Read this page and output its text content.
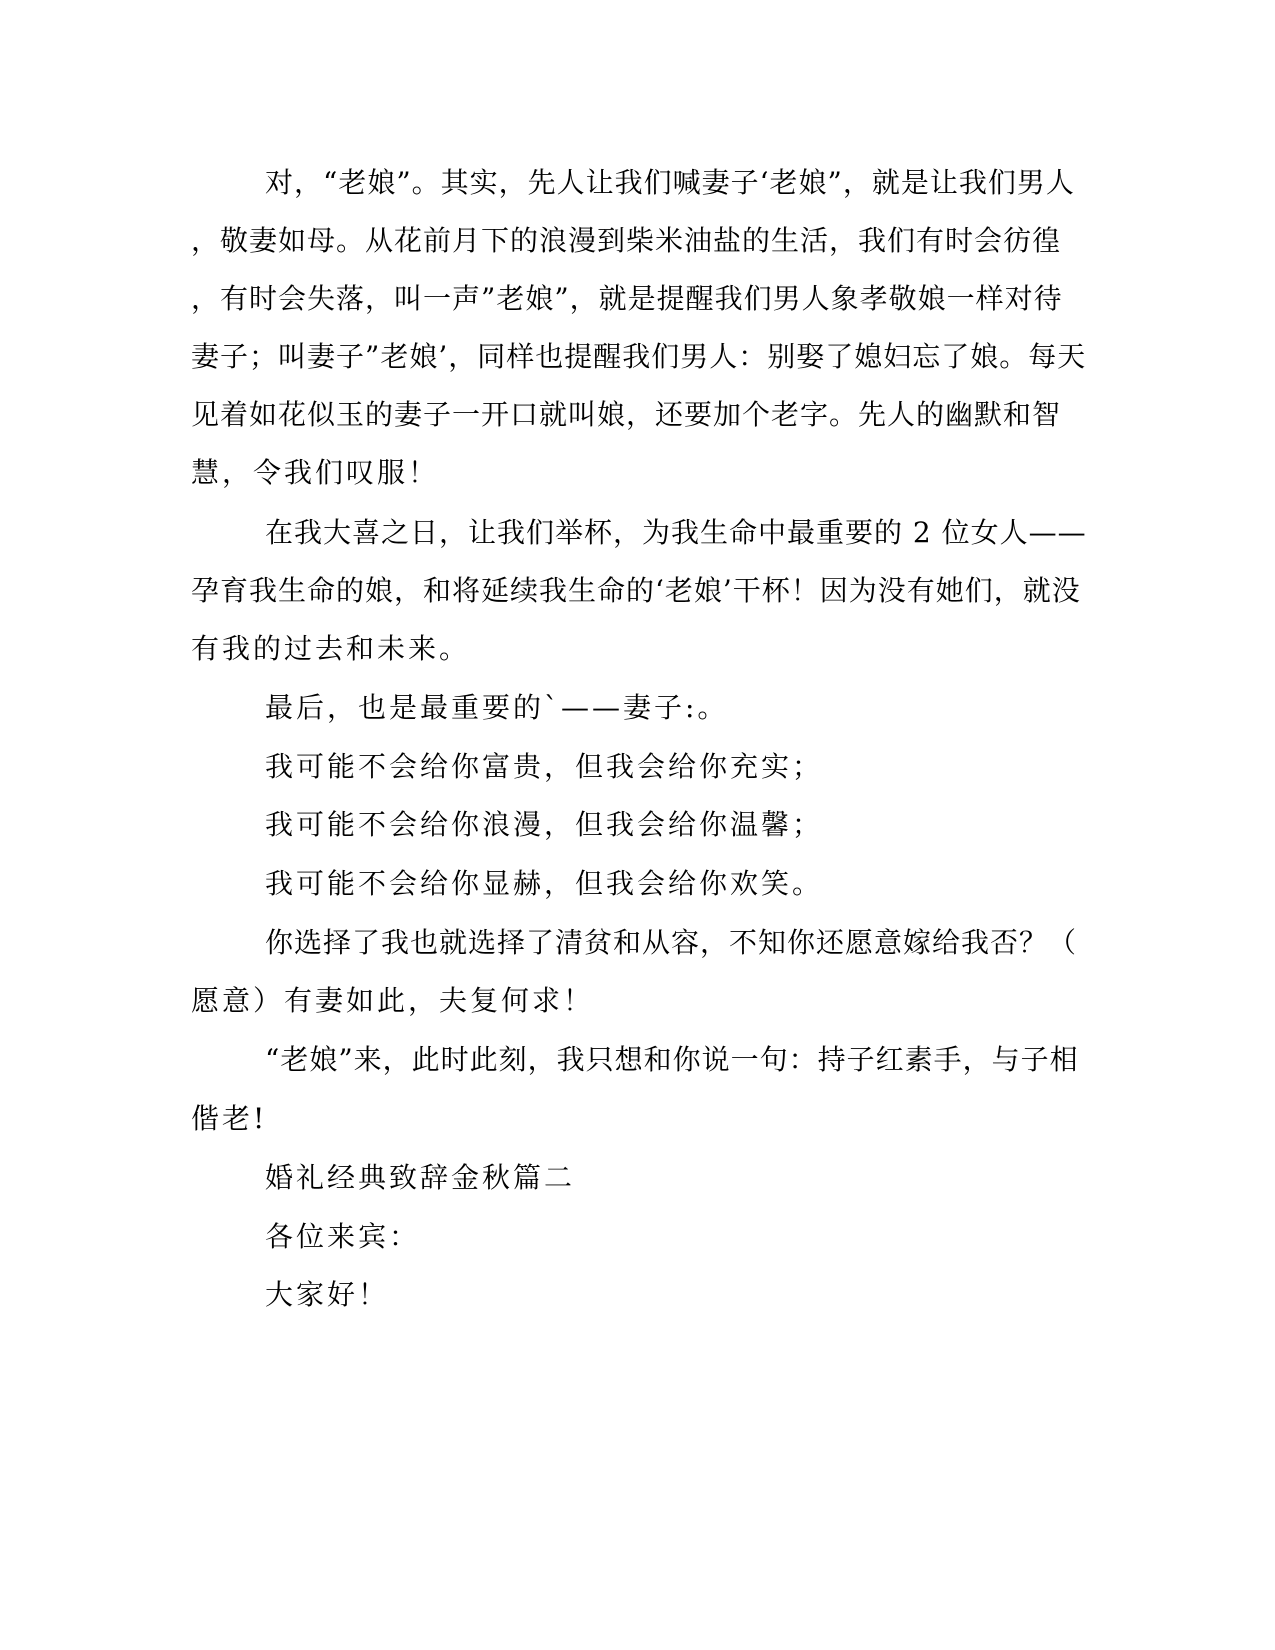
对，“老娘”。其实，先人让我们喊妻子‘老娘”，就是让我们男人
，敬妻如母。从花前月下的浪漫到柴米油盐的生活，我们有时会彷徨
，有时会失落，叫一声”老娘”，就是提醒我们男人象孝敬娘一样对待
妻子；叫妻子”老娘’，同样也提醒我们男人：别娶了媳妇忘了娘。每天
见着如花似玉的妻子一开口就叫娘，还要加个老字。先人的幽默和智
慧，令我们叹服！
在我大喜之日，让我们举杯，为我生命中最重要的 2 位女人——
孕育我生命的娘，和将延续我生命的‘老娘’干杯！因为没有她们，就没
有我的过去和未来。
最后，也是最重要的`——妻子:。
我可能不会给你富贵，但我会给你充实；
我可能不会给你浪漫，但我会给你温馨；
我可能不会给你显赫，但我会给你欢笑。
你选择了我也就选择了清贫和从容，不知你还愿意嫁给我否？（
愿意）有妻如此，夫复何求！
“老娘”来，此时此刻，我只想和你说一句：持子红素手，与子相
偕老!
婚礼经典致辞金秋篇二
各位来宾：
大家好！
